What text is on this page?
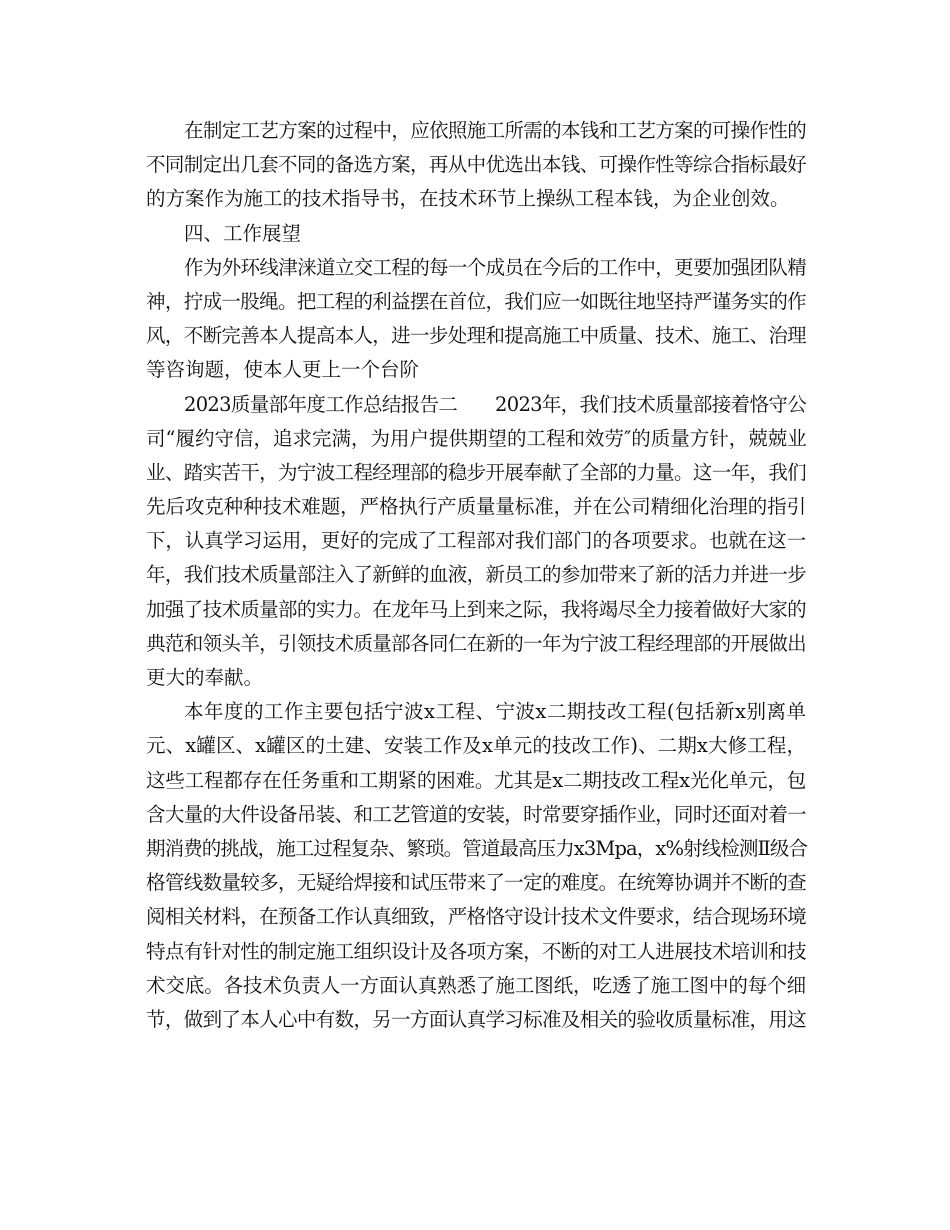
在制定工艺方案的过程中，应依照施工所需的本钱和工艺方案的可操作性的
不同制定出几套不同的备选方案，再从中优选出本钱、可操作性等综合指标最好
的方案作为施工的技术指导书，在技术环节上操纵工程本钱，为企业创效。
四、工作展望
作为外环线津涞道立交工程的每一个成员在今后的工作中，更要加强团队精
神，拧成一股绳。把工程的利益摆在首位，我们应一如既往地坚持严谨务实的作
风，不断完善本人提高本人，进一步处理和提高施工中质量、技术、施工、治理
等咨询题，使本人更上一个台阶
2023质量部年度工作总结报告二　　2023年，我们技术质量部接着恪守公
司“履约守信，追求完满，为用户提供期望的工程和效劳″的质量方针，兢兢业
业、踏实苦干，为宁波工程经理部的稳步开展奉献了全部的力量。这一年，我们
先后攻克种种技术难题，严格执行产质量量标准，并在公司精细化治理的指引
下，认真学习运用，更好的完成了工程部对我们部门的各项要求。也就在这一
年，我们技术质量部注入了新鲜的血液，新员工的参加带来了新的活力并进一步
加强了技术质量部的实力。在龙年马上到来之际，我将竭尽全力接着做好大家的
典范和领头羊，引领技术质量部各同仁在新的一年为宁波工程经理部的开展做出
更大的奉献。
本年度的工作主要包括宁波x工程、宁波x二期技改工程(包括新x别离单
元、x罐区、x罐区的土建、安装工作及x单元的技改工作)、二期x大修工程，
这些工程都存在任务重和工期紧的困难。尤其是x二期技改工程x光化单元，包
含大量的大件设备吊装、和工艺管道的安装，时常要穿插作业，同时还面对着一
期消费的挑战，施工过程复杂、繁琐。管道最高压力x3Mpa，x%射线检测Ⅱ级合
格管线数量较多，无疑给焊接和试压带来了一定的难度。在统筹协调并不断的查
阅相关材料，在预备工作认真细致，严格恪守设计技术文件要求，结合现场环境
特点有针对性的制定施工组织设计及各项方案，不断的对工人进展技术培训和技
术交底。各技术负责人一方面认真熟悉了施工图纸，吃透了施工图中的每个细
节，做到了本人心中有数，另一方面认真学习标准及相关的验收质量标准，用这
